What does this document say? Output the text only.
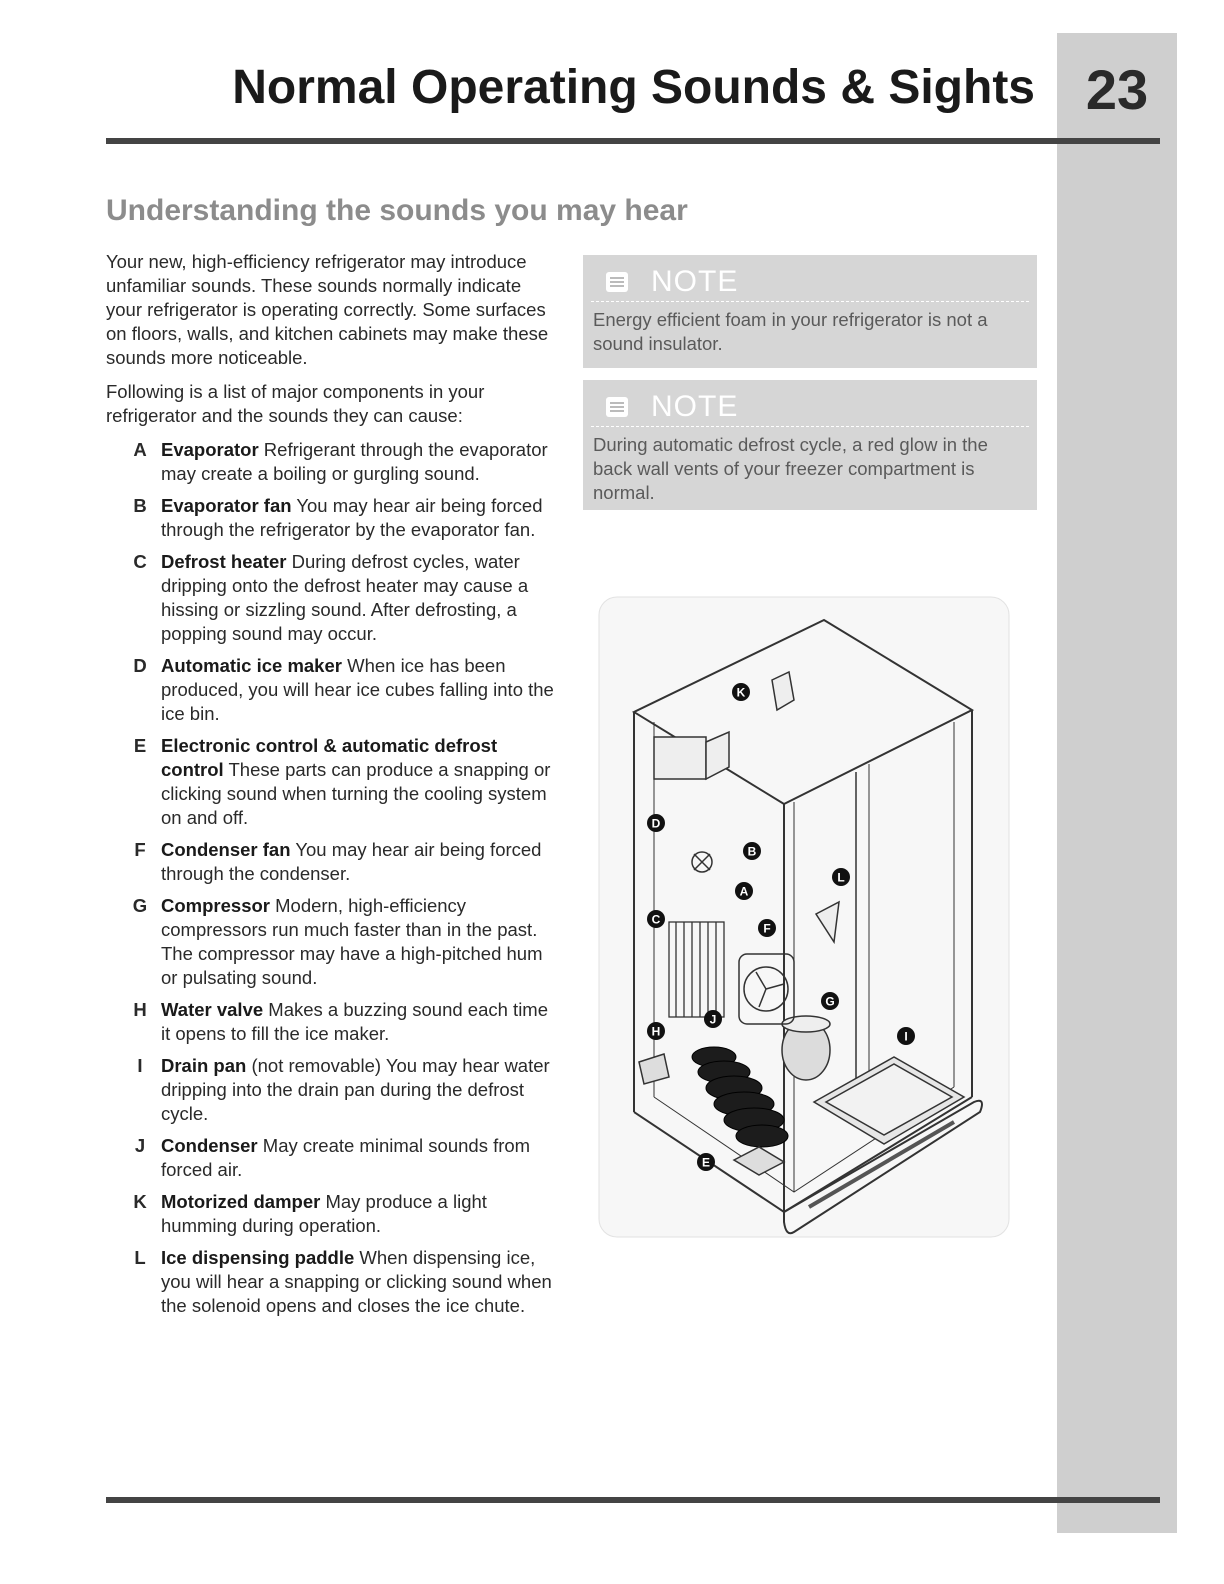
23
Normal Operating Sounds & Sights
Understanding the sounds you may hear

Your new, high-efficiency refrigerator may introduce unfamiliar sounds. These sounds normally indicate your refrigerator is operating correctly. Some surfaces on floors, walls, and kitchen cabinets may make these sounds more noticeable.

Following is a list of major components in your refrigerator and the sounds they can cause:

A Evaporator Refrigerant through the evaporator may create a boiling or gurgling sound.
B Evaporator fan You may hear air being forced through the refrigerator by the evaporator fan.
C Defrost heater During defrost cycles, water dripping onto the defrost heater may cause a hissing or sizzling sound. After defrosting, a popping sound may occur.
D Automatic ice maker When ice has been produced, you will hear ice cubes falling into the ice bin.
E Electronic control & automatic defrost control These parts can produce a snapping or clicking sound when turning the cooling system on and off.
F Condenser fan You may hear air being forced through the condenser.
G Compressor Modern, high-efficiency compressors run much faster than in the past. The compressor may have a high-pitched hum or pulsating sound.
H Water valve Makes a buzzing sound each time it opens to fill the ice maker.
I Drain pan (not removable) You may hear water dripping into the drain pan during the defrost cycle.
J Condenser May create minimal sounds from forced air.
K Motorized damper May produce a light humming during operation.
L Ice dispensing paddle When dispensing ice, you will hear a snapping or clicking sound when the solenoid opens and closes the ice chute.
NOTE
Energy efficient foam in your refrigerator is not a sound insulator.
NOTE
During automatic defrost cycle, a red glow in the back wall vents of your freezer compartment is normal.
K
D
B
L
A
C
F
G
H
J
I
E
